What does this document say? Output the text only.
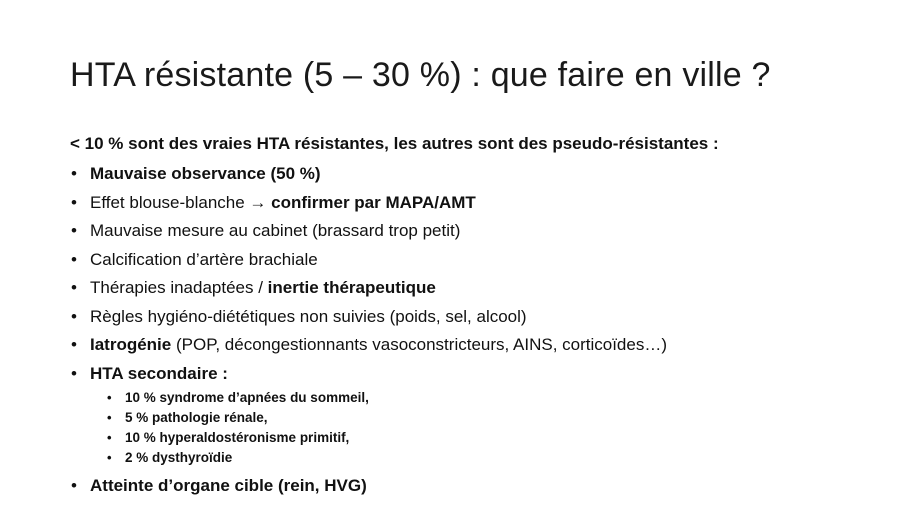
HTA résistante (5 – 30 %) : que faire en ville ?
< 10 % sont des vraies HTA résistantes, les autres sont des pseudo-résistantes :
• Mauvaise observance (50 %)
• Effet blouse-blanche → confirmer par MAPA/AMT
• Mauvaise mesure au cabinet (brassard trop petit)
• Calcification d’artère brachiale
• Thérapies inadaptées / inertie thérapeutique
• Règles hygiéno-diététiques non suivies (poids, sel, alcool)
• Iatrogénie (POP, décongestionnants vasoconstricteurs, AINS, corticoïdes…)
• HTA secondaire :
• 10 % syndrome d’apnées du sommeil,
• 5 % pathologie rénale,
• 10 % hyperaldostéronisme primitif,
• 2 % dysthyroïdie
• Atteinte d’organe cible (rein, HVG)
